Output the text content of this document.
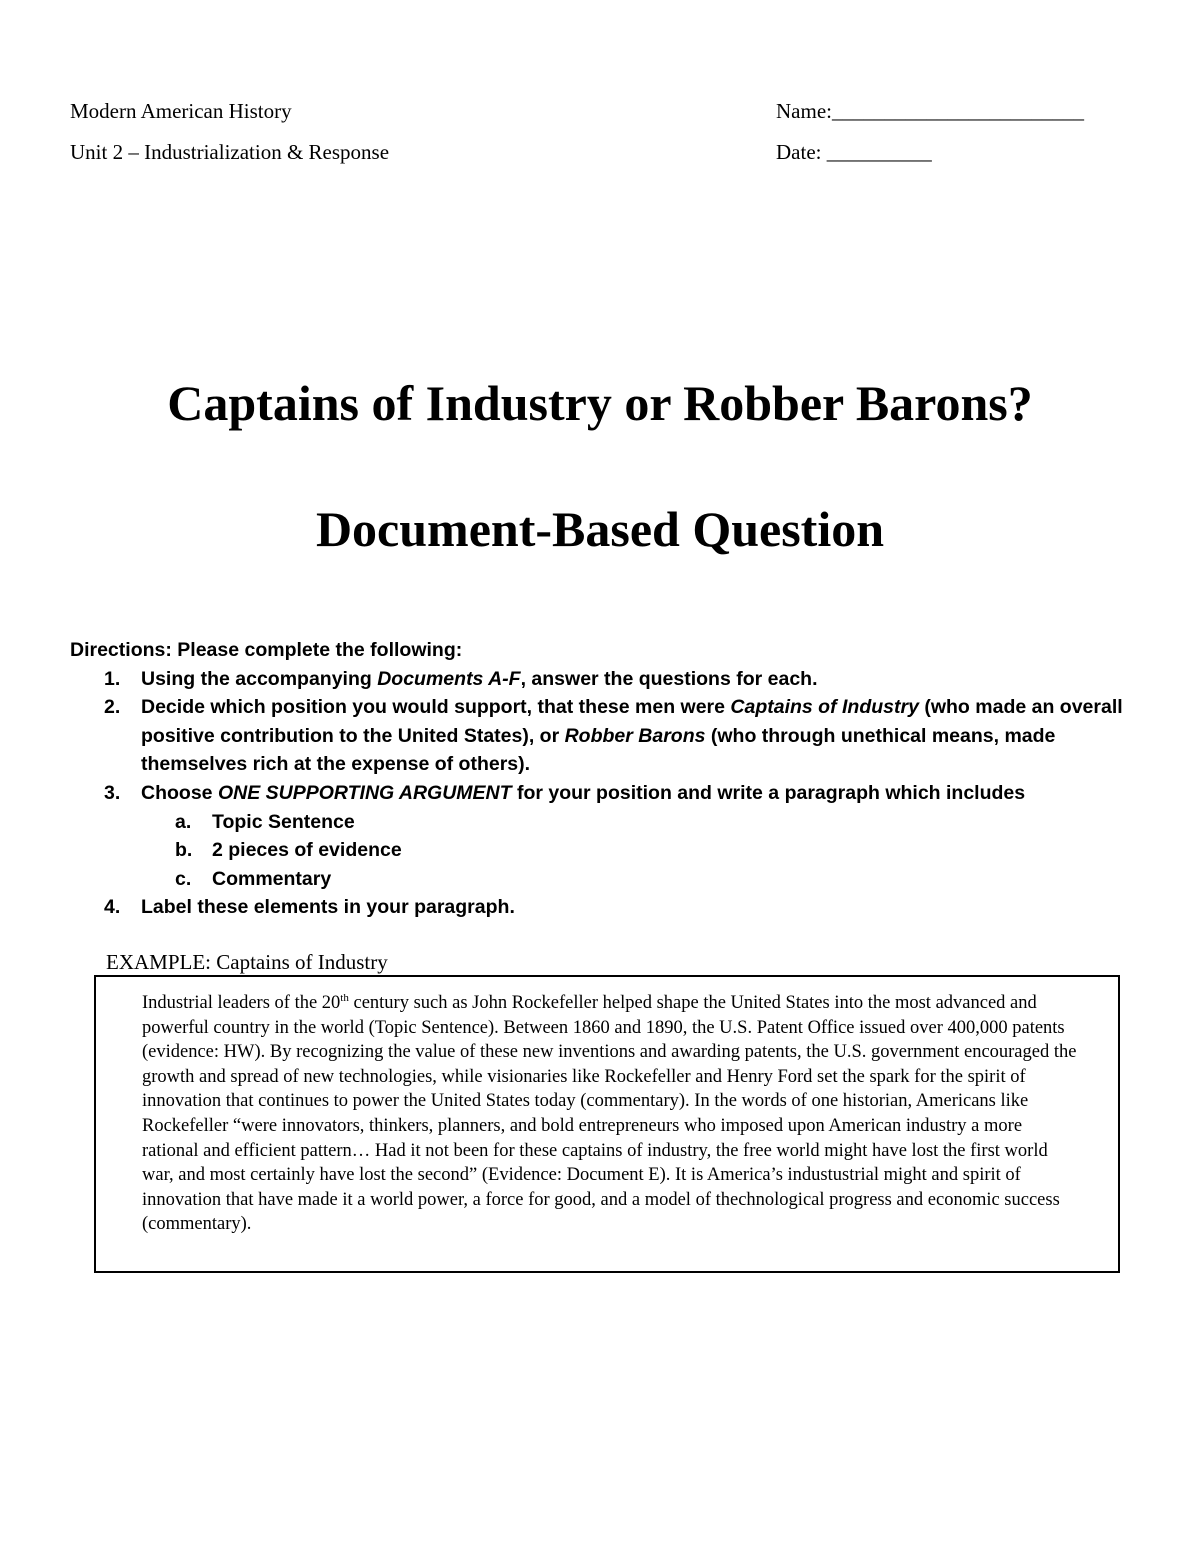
Modern American History
Unit 2 – Industrialization & Response
Name:________________________
Date: __________
Captains of Industry or Robber Barons?
Document-Based Question
Directions: Please complete the following:
1. Using the accompanying Documents A-F, answer the questions for each.
2. Decide which position you would support, that these men were Captains of Industry (who made an overall positive contribution to the United States), or Robber Barons (who through unethical means, made themselves rich at the expense of others).
3. Choose ONE SUPPORTING ARGUMENT for your position and write a paragraph which includes
a. Topic Sentence
b. 2 pieces of evidence
c. Commentary
4. Label these elements in your paragraph.
EXAMPLE: Captains of Industry
Industrial leaders of the 20th century such as John Rockefeller helped shape the United States into the most advanced and powerful country in the world (Topic Sentence). Between 1860 and 1890, the U.S. Patent Office issued over 400,000 patents (evidence: HW). By recognizing the value of these new inventions and awarding patents, the U.S. government encouraged the growth and spread of new technologies, while visionaries like Rockefeller and Henry Ford set the spark for the spirit of innovation that continues to power the United States today (commentary). In the words of one historian, Americans like Rockefeller “were innovators, thinkers, planners, and bold entrepreneurs who imposed upon American industry a more rational and efficient pattern… Had it not been for these captains of industry, the free world might have lost the first world war, and most certainly have lost the second” (Evidence: Document E). It is America’s industustrial might and spirit of innovation that have made it a world power, a force for good, and a model of thechnological progress and economic success (commentary).
